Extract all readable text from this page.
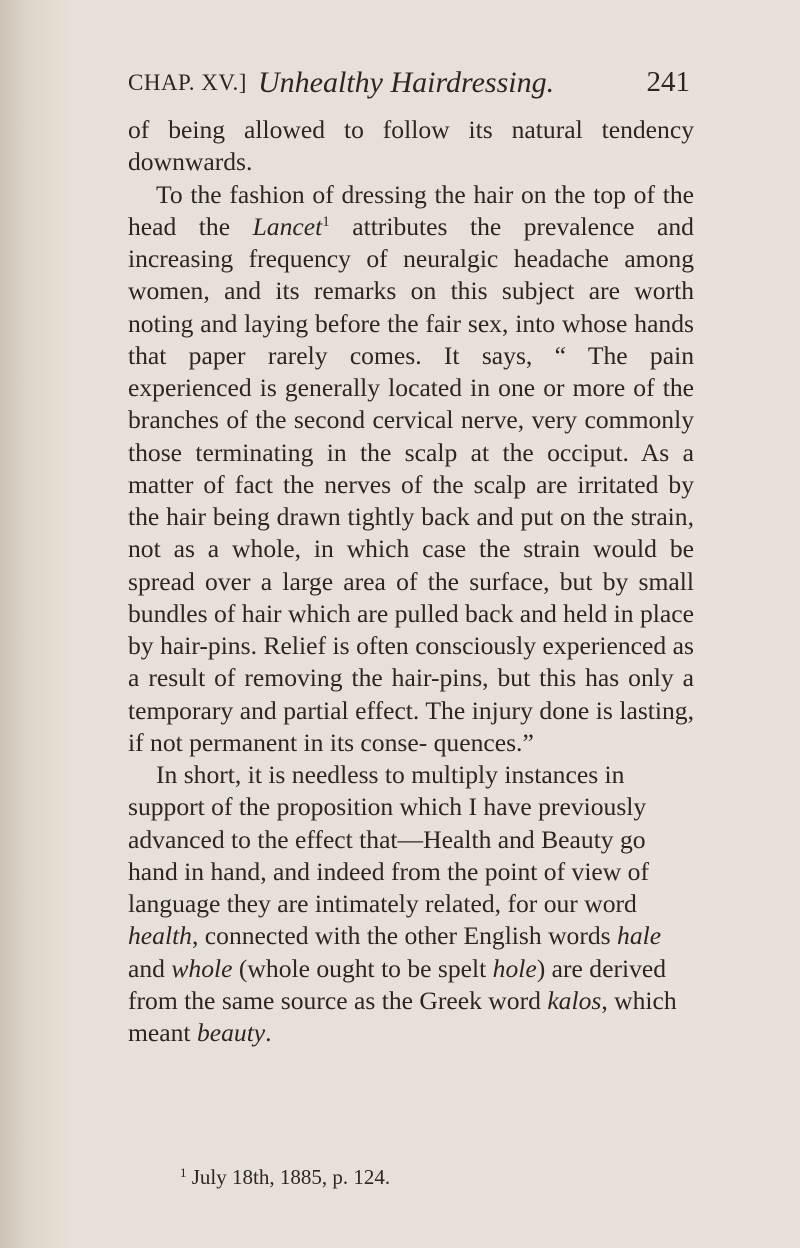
CHAP. XV.] Unhealthy Hairdressing.	241

of being allowed to follow its natural tendency downwards.

To the fashion of dressing the hair on the top of the head the Lancet$^1$ attributes the prevalence and increasing frequency of neuralgic headache among women, and its remarks on this subject are worth noting and laying before the fair sex, into whose hands that paper rarely comes. It says, “ The pain experienced is generally located in one or more of the branches of the second cervical nerve, very commonly those terminating in the scalp at the occiput. As a matter of fact the nerves of the scalp are irritated by the hair being drawn tightly back and put on the strain, not as a whole, in which case the strain would be spread over a large area of the surface, but by small bundles of hair which are pulled back and held in place by hair-pins. Relief is often consciously experienced as a result of removing the hair-pins, but this has only a temporary and partial effect. The injury done is lasting, if not permanent in its conse- quences.”

In short, it is needless to multiply instances in support of the proposition which I have previously advanced to the effect that—Health and Beauty go hand in hand, and indeed from the point of view of language they are intimately related, for our word health, connected with the other English words hale and whole (whole ought to be spelt hole) are derived from the same source as the Greek word kalos, which meant beauty.

$^1$ July 18th, 1885, p. 124.
